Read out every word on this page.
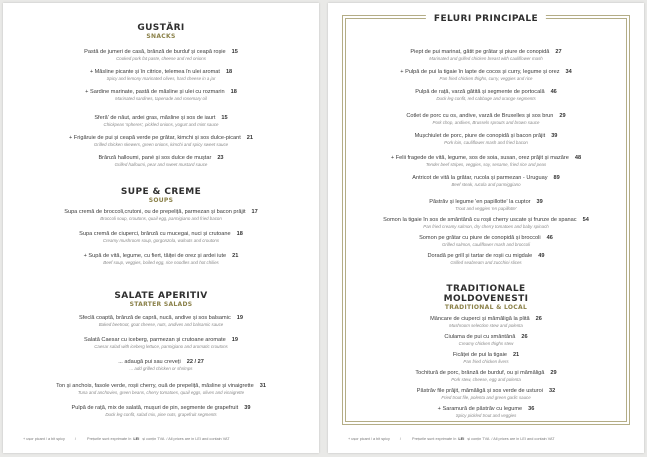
GUSTĂRI
SNACKS
Pastă de jumeri de casă, brânză de burduf și ceapă roșie 15
Cooked pork fat paste, cheese and red onions
+ Măsline picante și în citrice, telemea în ulei aromat 18
Spicy and lemony marinated olives, hard cheese in a jar
+ Sardine marinate, pastă de măsline și ulei cu rozmarin 18
Marinated sardines, tapenade and rosemary oil
Sferă' de năut, ardei gras, măsline și sos de iaurt 15
Chickpeas 'spheres', pickled onions, yogurt and mint sauce
+ Frigăruie de pui și ceapă verde pe grătar, kimchi și sos dulce-picant 21
Grilled chicken skewers, green onions, kimchi and spicy sweet sauce
Brânză halloumi, pané și sos dulce de muștar 23
Grilled halloumi, pear and sweet mustard sauce
SUPE & CREME
SOUPS
Supa cremă de broccoli,crutoni, ou de prepeliță, parmezan și bacon prăjit 17
Broccoli soup, croutons, quail egg, parmigiano and fried bacon
Supa cremă de ciuperci, brânză cu mucegai, nuci și crutoane 18
Creamy mushroom soup, gorgonzola, walnuts and croutons
+ Supă de vită, legume, cu fiert, tăiței de orez și ardei iute 21
Beef soup, veggies, boiled egg, rice noodles and hot chilies
SALATE APERITIV
STARTER SALADS
Sfeclă coaptă, brânză de capră, nucă, andive și sos balsamic 19
Baked beetroot, goat cheese, nuts, andives and balsamic sauce
Salată Caesar cu iceberg, parmezan și crutoane aromate 19
Caesar salad with iceberg lettuce, parmigiano and aromatic croutons
... adaugă pui sau creveți 22 / 27
... add grilled chicken or shrimps
Ton și anchois, fasole verde, roșii cherry, ouă de prepeliță, măsline și vinaigrette 31
Tuna and anchovies, green beans, cherry tomatoes, quail eggs, olives and vinaigrette
Pulpă de rață, mix de salată, mușuri de pin, segmente de grapefruit 39
Duck leg confit, salad mix, pine nuts, grapefruit segments
+ ușor picant / a bit spicy	/	Prețurile sunt exprimate în LEI și conțin TVA / All prices are in LEI and contain VAT
FELURI PRINCIPALE
Piept de pui marinat, gătit pe grătar și piure de conopidă 27
Marinated and grilled chicken breast with cauliflower mash
+ Pulpă de pui la tigaie în lapte de cocos și curry, legume și orez 34
Pan fried chicken thighs, curry, veggies and rice
Pulpă de rață, varză gătită și segmente de portocală 46
Duck leg confit, red cabbage and orange segments
Cotlet de porc cu os, andive, varză de Bruxelles și sos brun 29
Pork chop, andives, Brussels sprouts and brown sauce
Mușchiulet de porc, piure de conopidă și bacon prăjit 39
Pork loin, cauliflower mash and fried bacon
+ Felii fragede de vită, legume, sos de soia, susan, orez prăjit și mazăre 48
Tender beef stripes, veggies, soy, sesame, fried rice and peas
Antricot de vită la grătar, rucola și parmezan - Uruguay 89
Beef steak, rucola and parmiggiano
Păstrăv și legume 'en papillotte' la cuptor 39
Trout and veggies 'en papillotte'
Somon la tigaie în sos de smântână cu roșii cherry uscate și frunze de spanac 54
Pan fried creamy salmon, dry cherry tomatoes and baby spinach
Somon pe grătar cu piure de conopidă și broccoli 46
Grilled salmon, cauliflower mash and broccoli
Doradă pe grill și tartar de roșii cu migdale 49
Grilled seabream and zucchini slices
TRADITIONALE MOLDOVENESTI
TRADITIONAL & LOCAL
Mâncare de ciuperci și mămăligă la plită 26
Mushroom selection stew and polenta
Ciulama de pui cu smântână 26
Creamy chicken thighs stew
Ficăței de pui la tigaie 21
Pan fried chicken livers
Tochitură de porc, brânză de burduf, ou și mămăligă 29
Pork stew, cheese, egg and polenta
Păstrăv file prăjit, mămăligă și sos verde de usturoi 32
Fried trout file, polenta and green garlic sauce
+ Saramură de păstrăv cu legume 36
Spicy pickled trout and veggies
+ ușor picant / a bit spicy	/	Prețurile sunt exprimate în LEI și conțin TVA / All prices are in LEI and contain VAT
